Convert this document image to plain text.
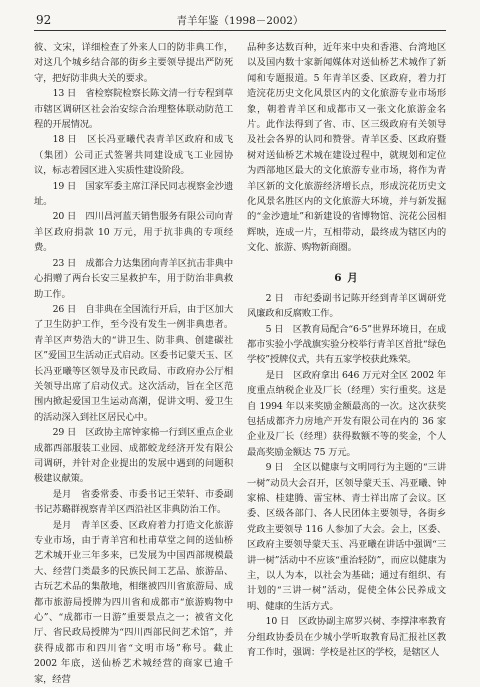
92	青羊年鉴（1998－2002）

彼、文宋，详细检查了外来人口的防非典工作，对这几个城乡结合部的街乡主要领导提出严防死守，把好防非典大关的要求。

13 日　省检察院检察长陈文清一行专程到草市辖区调研区社会治安综合治理整体联动防范工程的开展情况。

18 日　区长冯亚曦代表青羊区政府和成飞（集团）公司正式签署共同建设成飞工业园协议，标志着园区进入实质性建设阶段。

19 日　国家军委主席江泽民同志视察金沙遗址。

20 日　四川昌河蓝天销售服务有限公司向青羊区政府捐款 10 万元，用于抗非典的专项经费。

23 日　成都合力达集团向青羊区抗击非典中心捐赠了两台长安三星救护车，用于防治非典救助工作。

26 日　自非典在全国流行开后，由于区加大了卫生防护工作，至今没有发生一例非典患者。青羊区声势浩大的“讲卫生、防非典、创建碳社区”爱国卫生活动正式启动。区委书记蒙天玉、区长冯亚曦等区领导及市民政局、市政府办公厅相关领导出席了启动仪式。这次活动，旨在全区范围内掀起爱国卫生运动高潮，促讲文明、爱卫生的活动深入到社区居民心中。

29 日　区政协主席钟家棉一行到区重点企业成都西部服装工业园、成都蛟龙经济开发有限公司调研，并针对企业提出的发展中遇到的问题积极建议献策。

是月　省委常委、市委书记王荣轩、市委副书记苏璐群视察青羊区西沿社区非典防治工作。

是月　青羊区委、区政府着力打造文化旅游专业市场，由于青羊宫和杜甫草堂之间的送仙桥艺术城开业三年多来，已发展为中国西部规模最大、经营门类最多的民族民间工艺品、旅游品、古玩艺术品的集散地，相继被四川省旅游局、成都市旅游局授牌为四川省和成都市“旅游购物中心”、“成都市一日游”重要景点之一；被省文化厅、省民政局授牌为“四川西部民间艺术馆”，并获得成都市和四川省“文明市场”称号。截止 2002 年底，送仙桥艺术城经营的商家已逾千家，经营

品种多达数百种，近年来中央和香港、台湾地区以及国内数十家新闻媒体对送仙桥艺术城作了新闻和专题报道。5 年青羊区委、区政府，着力打造浣花历史文化风景区内的文化旅游专业市场形象，朝着青羊区和成都市又一张文化旅游金名片。此作法得到了省、市、区三级政府有关领导及社会各界的认同和赞誉。青羊区委、区政府暨树对送仙桥艺术城在建设过程中，就规划和定位为西部地区最大的文化旅游专业市场，将作为青羊区新的文化旅游经济增长点，形成浣花历史文化风景名胜区内的文化旅游大环境，并与新发掘的“金沙遗址”和新建设的省博物馆、浣花公园相辉映，连成一片，互相带动，最终成为辖区内的文化、旅游、购物新商圈。

6 月

2 日　市纪委副书记陈开经到青羊区调研党风廉政和反腐败工作。

5 日　区教育局配合“6·5”世界环境日，在成都市实验小学战旗实验分校举行青羊区首批“绿色学校”授牌仪式，共有五家学校获此殊荣。

是日　区政府拿出 646 万元对全区 2002 年度重点纳税企业及厂长（经理）实行重奖。这是自 1994 年以来奖励金额最高的一次。这次获奖包括成都齐力房地产开发有限公司在内的 36 家企业及厂长（经理）获得数额不等的奖金，个人最高奖励金额达 75 万元。

9 日　全区以健康与文明同行为主题的“三讲一树”动员大会召开，区领导蒙天玉、冯亚曦、钟家棉、桂建腾、雷宝林、青士祥出席了会议。区委、区级各部门、各人民团体主要领导，各街乡党政主要领导 116 人参加了大会。会上，区委、区政府主要领导蒙天玉、冯亚曦在讲话中强调“三讲一树”活动中不应该“重治轻防”，而应以健康为主，以人为本，以社会为基础；通过有组织、有计划的“三讲一树”活动，促使全体公民养成文明、健康的生活方式。

10 日　区政协副主席罗兴树、李撑津率教育分组政协委员在少城小学听取教育局汇报社区教育工作时，强调：学校是社区的学校，是辖区人
